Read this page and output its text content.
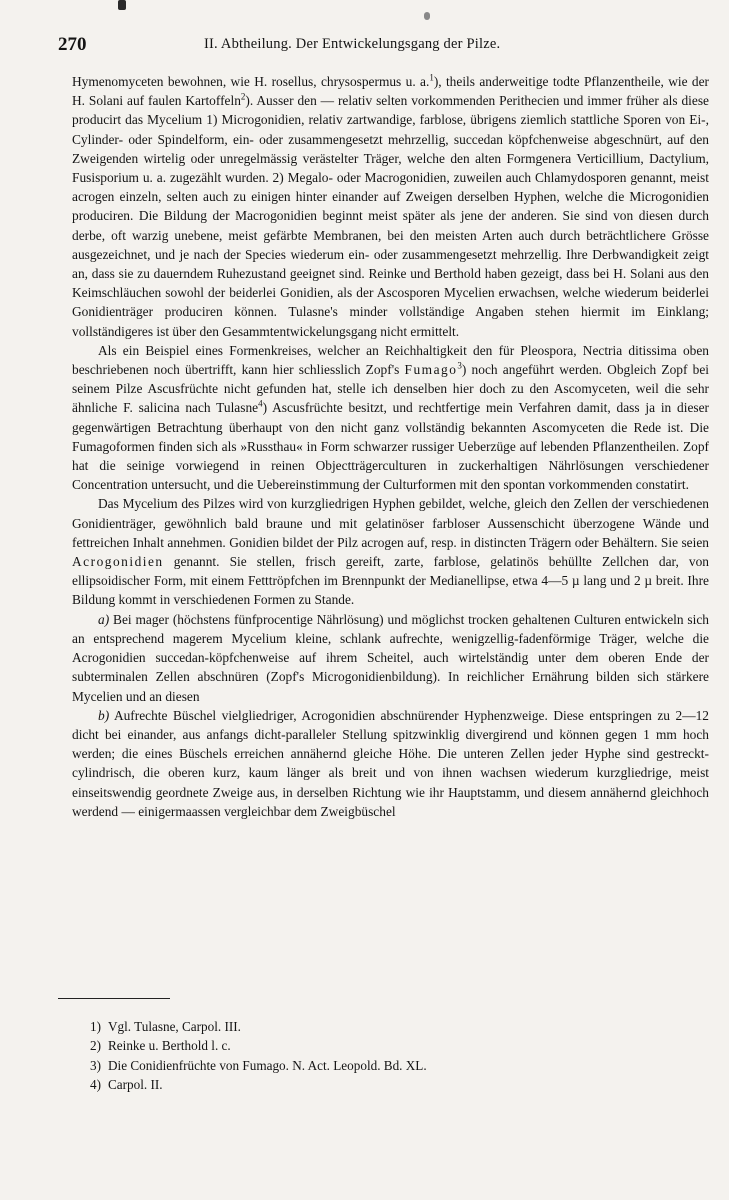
270	II. Abtheilung. Der Entwickelungsgang der Pilze.

Hymenomyceten bewohnen, wie H. rosellus, chrysospermus u. a.$^1$), theils anderweitige todte Pflanzentheile, wie der H. Solani auf faulen Kartoffeln$^2$). Ausser den — relativ selten vorkommenden Perithecien und immer früher als diese producirt das Mycelium 1) Microgonidien, relativ zartwandige, farblose, übrigens ziemlich stattliche Sporen von Ei-, Cylinder- oder Spindelform, ein- oder zusammengesetzt mehrzellig, succedan köpfchenweise abgeschnürt, auf den Zweigenden wirtelig oder unregelmässig verästelter Träger, welche den alten Formgenera Verticillium, Dactylium, Fusisporium u. a. zugezählt wurden. 2) Megalo- oder Macrogonidien, zuweilen auch Chlamydosporen genannt, meist acrogen einzeln, selten auch zu einigen hinter einander auf Zweigen derselben Hyphen, welche die Microgonidien produciren. Die Bildung der Macrogonidien beginnt meist später als jene der anderen. Sie sind von diesen durch derbe, oft warzig unebene, meist gefärbte Membranen, bei den meisten Arten auch durch beträchtlichere Grösse ausgezeichnet, und je nach der Species wiederum ein- oder zusammengesetzt mehrzellig. Ihre Derbwandigkeit zeigt an, dass sie zu dauerndem Ruhezustand geeignet sind. Reinke und Berthold haben gezeigt, dass bei H. Solani aus den Keimschläuchen sowohl der beiderlei Gonidien, als der Ascosporen Mycelien erwachsen, welche wiederum beiderlei Gonidienträger produciren können. Tulasne's minder vollständige Angaben stehen hiermit im Einklang; vollständigeres ist über den Gesammtentwickelungsgang nicht ermittelt.

Als ein Beispiel eines Formenkreises, welcher an Reichhaltigkeit den für Pleospora, Nectria ditissima oben beschriebenen noch übertrifft, kann hier schliesslich Zopf's Fumago$^3$) noch angeführt werden. Obgleich Zopf bei seinem Pilze Ascusfrüchte nicht gefunden hat, stelle ich denselben hier doch zu den Ascomyceten, weil die sehr ähnliche F. salicina nach Tulasne$^4$) Ascusfrüchte besitzt, und rechtfertige mein Verfahren damit, dass ja in dieser gegenwärtigen Betrachtung überhaupt von den nicht ganz vollständig bekannten Ascomyceten die Rede ist. Die Fumagoformen finden sich als »Russthau« in Form schwarzer russiger Ueberzüge auf lebenden Pflanzentheilen. Zopf hat die seinige vorwiegend in reinen Objectträgerculturen in zuckerhaltigen Nährlösungen verschiedener Concentration untersucht, und die Uebereinstimmung der Culturformen mit den spontan vorkommenden constatirt.

Das Mycelium des Pilzes wird von kurzgliedrigen Hyphen gebildet, welche, gleich den Zellen der verschiedenen Gonidienträger, gewöhnlich bald braune und mit gelatinöser farbloser Aussenschicht überzogene Wände und fettreichen Inhalt annehmen. Gonidien bildet der Pilz acrogen auf, resp. in distincten Trägern oder Behältern. Sie seien Acrogonidien genannt. Sie stellen, frisch gereift, zarte, farblose, gelatinös behüllte Zellchen dar, von ellipsoidischer Form, mit einem Fetttröpfchen im Brennpunkt der Medianellipse, etwa 4—5 µ lang und 2 µ breit. Ihre Bildung kommt in verschiedenen Formen zu Stande.

a) Bei mager (höchstens fünfprocentige Nährlösung) und möglichst trocken gehaltenen Culturen entwickeln sich an entsprechend magerem Mycelium kleine, schlank aufrechte, wenigzellig-fadenförmige Träger, welche die Acrogonidien succedan-köpfchenweise auf ihrem Scheitel, auch wirtelständig unter dem oberen Ende der subterminalen Zellen abschnüren (Zopf's Microgonidienbildung). In reichlicher Ernährung bilden sich stärkere Mycelien und an diesen

b) Aufrechte Büschel vielgliedriger, Acrogonidien abschnürender Hyphenzweige. Diese entspringen zu 2—12 dicht bei einander, aus anfangs dicht-paralleler Stellung spitzwinklig divergirend und können gegen 1 mm hoch werden; die eines Büschels erreichen annähernd gleiche Höhe. Die unteren Zellen jeder Hyphe sind gestreckt-cylindrisch, die oberen kurz, kaum länger als breit und von ihnen wachsen wiederum kurzgliedrige, meist einseitswendig geordnete Zweige aus, in derselben Richtung wie ihr Hauptstamm, und diesem annähernd gleichhoch werdend — einigermaassen vergleichbar dem Zweigbüschel

1) Vgl. Tulasne, Carpol. III.
2) Reinke u. Berthold l. c.
3) Die Conidienfrüchte von Fumago. N. Act. Leopold. Bd. XL.
4) Carpol. II.
